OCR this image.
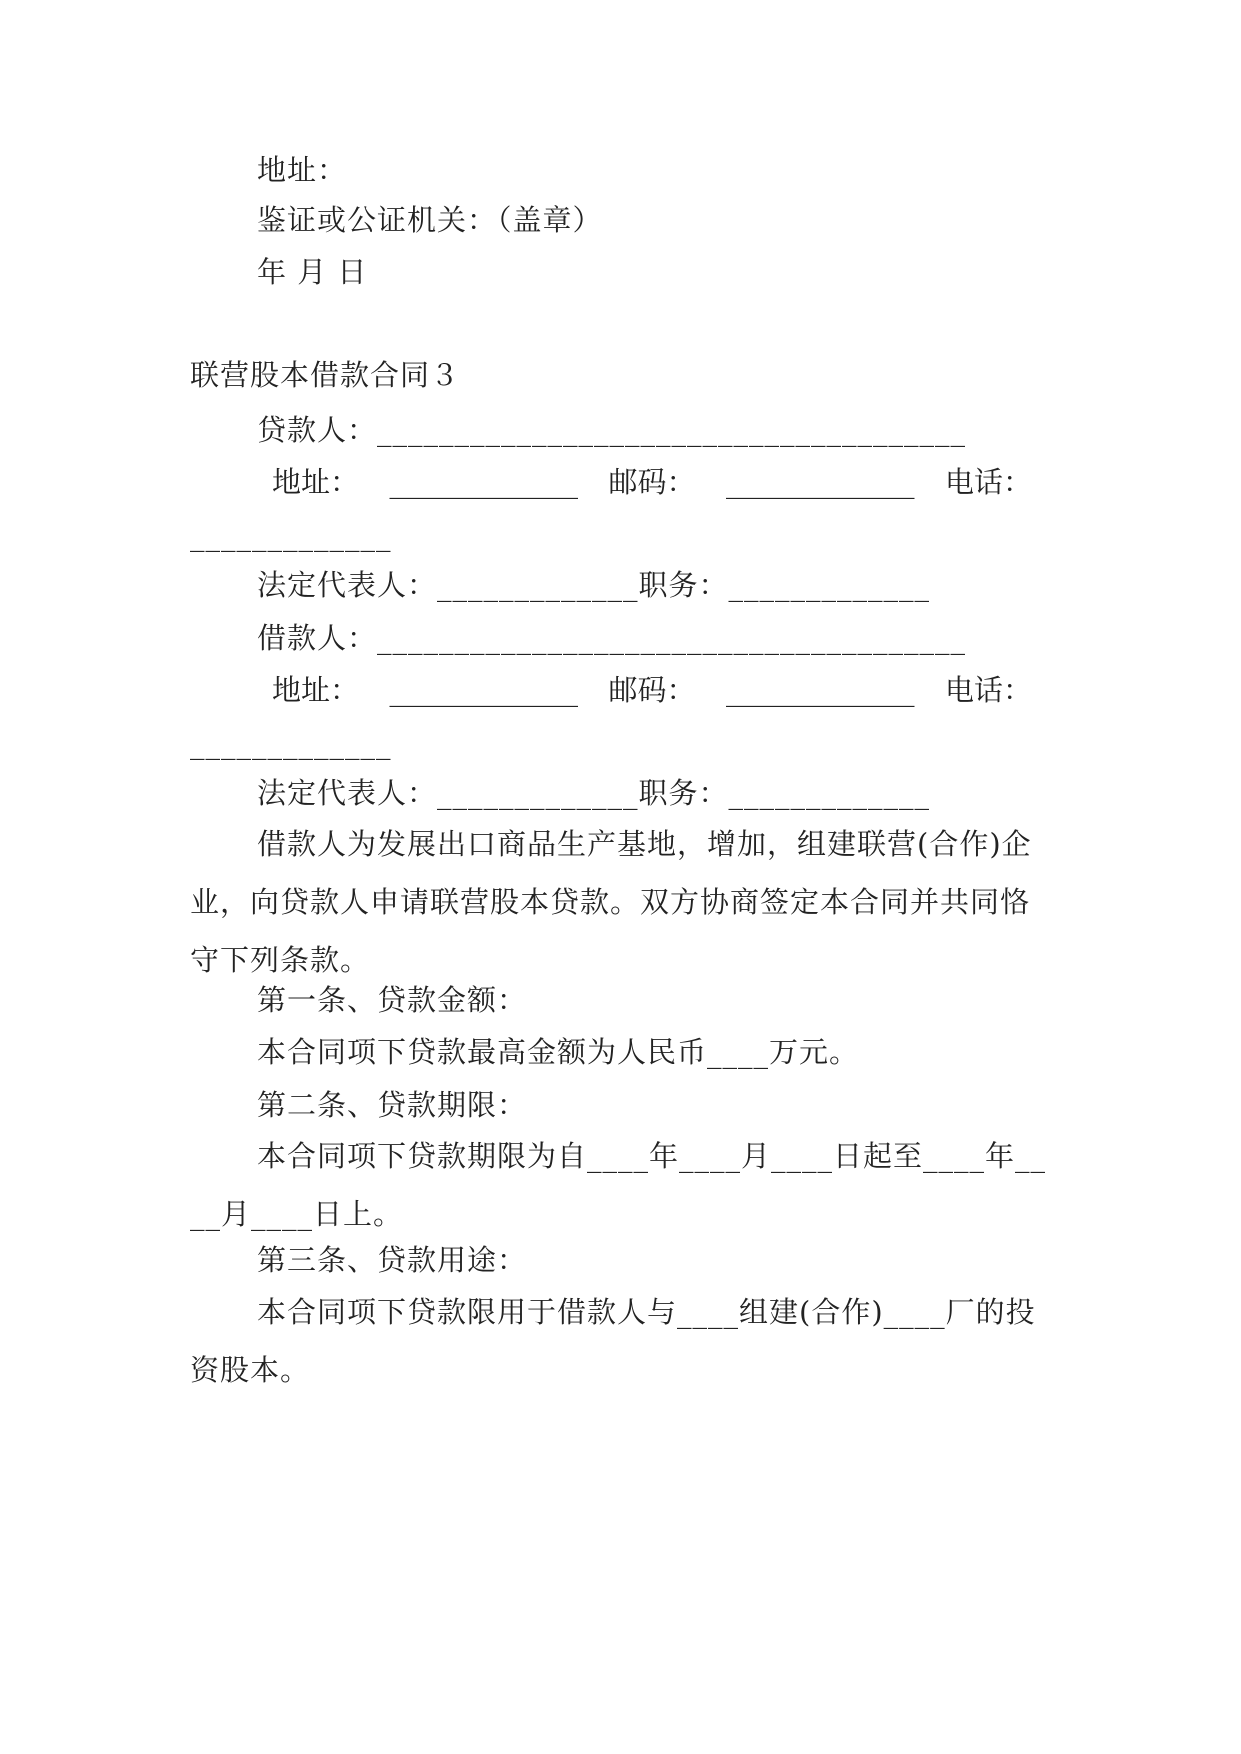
地址：
鉴证或公证机关：（盖章）
年 月 日
联营股本借款合同３
贷款人：______________________________________
地址： _____________ 邮码： _____________ 电话：
_____________
法定代表人：_____________职务：_____________
借款人：______________________________________
地址： _____________ 邮码： _____________ 电话：
_____________
法定代表人：_____________职务：_____________
借款人为发展出口商品生产基地，增加，组建联营(合作)企业，向贷款人申请联营股本贷款。双方协商签定本合同并共同恪守下列条款。
第一条、贷款金额：
本合同项下贷款最高金额为人民币____万元。
第二条、贷款期限：
本合同项下贷款期限为自____年____月____日起至____年____月____日上。
第三条、贷款用途：
本合同项下贷款限用于借款人与____组建(合作)____厂的投资股本。
